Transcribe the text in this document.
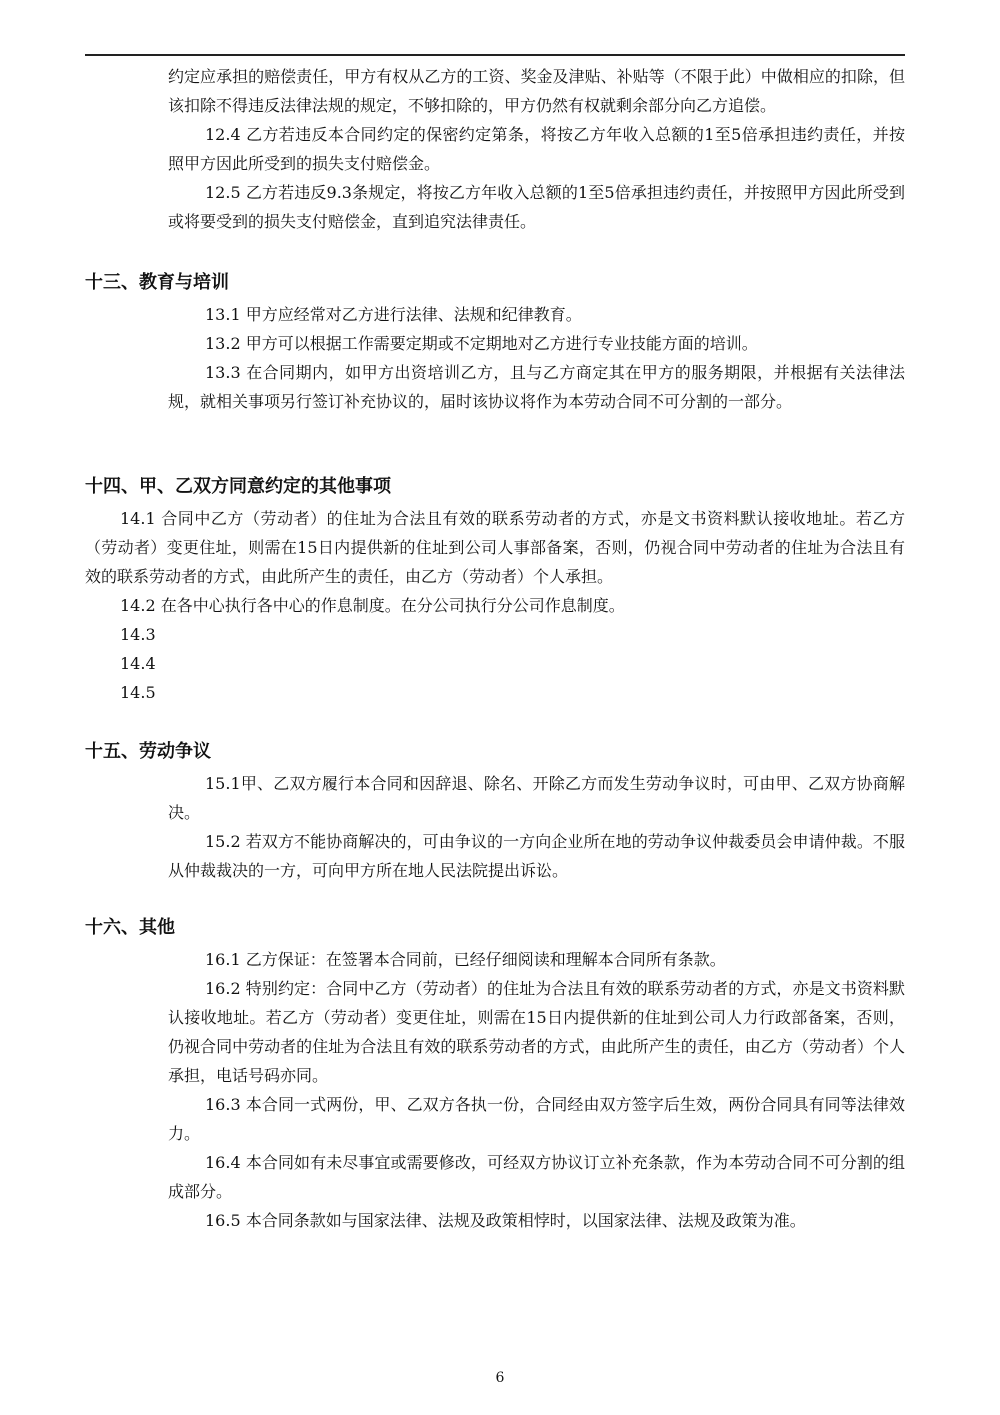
约定应承担的赔偿责任，甲方有权从乙方的工资、奖金及津贴、补贴等（不限于此）中做相应的扣除，但该扣除不得违反法律法规的规定，不够扣除的，甲方仍然有权就剩余部分向乙方追偿。

12.4 乙方若违反本合同约定的保密约定第条，将按乙方年收入总额的1至5倍承担违约责任，并按照甲方因此所受到的损失支付赔偿金。

12.5 乙方若违反9.3条规定，将按乙方年收入总额的1至5倍承担违约责任，并按照甲方因此所受到或将要受到的损失支付赔偿金，直到追究法律责任。

十三、教育与培训

13.1 甲方应经常对乙方进行法律、法规和纪律教育。

13.2 甲方可以根据工作需要定期或不定期地对乙方进行专业技能方面的培训。

13.3 在合同期内，如甲方出资培训乙方，且与乙方商定其在甲方的服务期限，并根据有关法律法规，就相关事项另行签订补充协议的，届时该协议将作为本劳动合同不可分割的一部分。

十四、甲、乙双方同意约定的其他事项

14.1 合同中乙方（劳动者）的住址为合法且有效的联系劳动者的方式，亦是文书资料默认接收地址。若乙方（劳动者）变更住址，则需在15日内提供新的住址到公司人事部备案，否则，仍视合同中劳动者的住址为合法且有效的联系劳动者的方式，由此所产生的责任，由乙方（劳动者）个人承担。

14.2 在各中心执行各中心的作息制度。在分公司执行分公司作息制度。

14.3

14.4

14.5

十五、劳动争议

15.1甲、乙双方履行本合同和因辞退、除名、开除乙方而发生劳动争议时，可由甲、乙双方协商解决。

15.2 若双方不能协商解决的，可由争议的一方向企业所在地的劳动争议仲裁委员会申请仲裁。不服从仲裁裁决的一方，可向甲方所在地人民法院提出诉讼。

十六、其他

16.1 乙方保证：在签署本合同前，已经仔细阅读和理解本合同所有条款。

16.2 特别约定：合同中乙方（劳动者）的住址为合法且有效的联系劳动者的方式，亦是文书资料默认接收地址。若乙方（劳动者）变更住址，则需在15日内提供新的住址到公司人力行政部备案，否则，仍视合同中劳动者的住址为合法且有效的联系劳动者的方式，由此所产生的责任，由乙方（劳动者）个人承担，电话号码亦同。

16.3 本合同一式两份，甲、乙双方各执一份，合同经由双方签字后生效，两份合同具有同等法律效力。

16.4 本合同如有未尽事宜或需要修改，可经双方协议订立补充条款，作为本劳动合同不可分割的组成部分。

16.5 本合同条款如与国家法律、法规及政策相悖时，以国家法律、法规及政策为准。

6
